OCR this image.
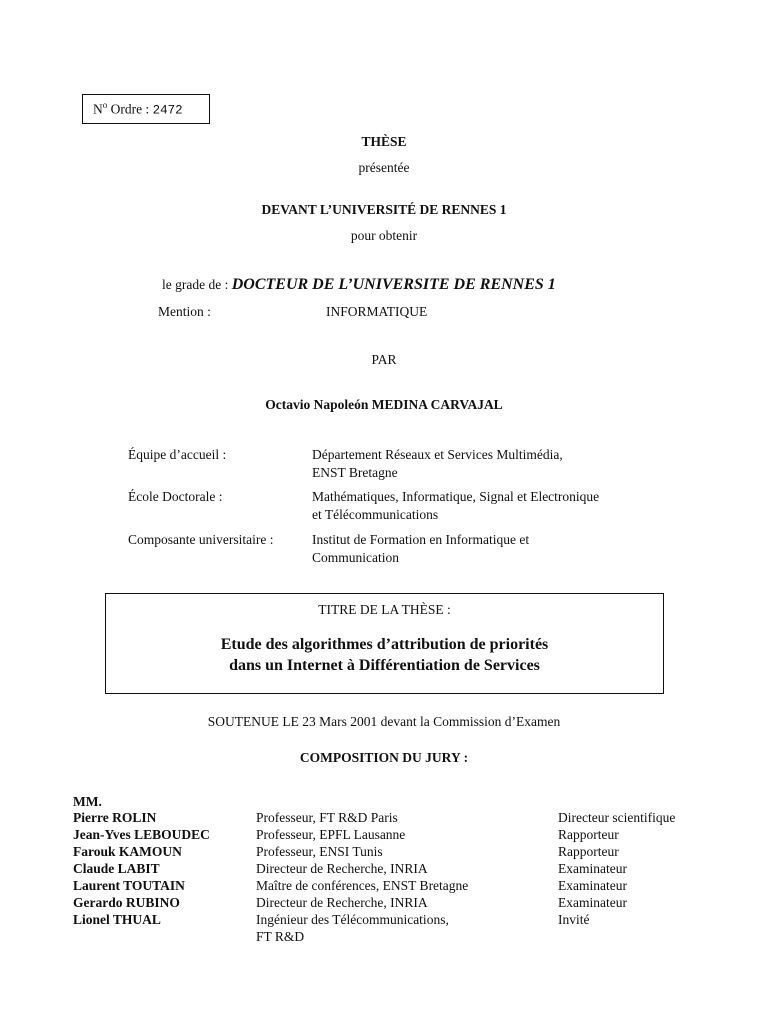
$N^o$ Ordre : 2472
THÈSE
présentée
DEVANT L’UNIVERSITÉ DE RENNES 1
pour obtenir
le grade de : DOCTEUR DE L’UNIVERSITE DE RENNES 1
Mention :	INFORMATIQUE
PAR
Octavio Napoleón MEDINA CARVAJAL
Équipe d’accueil :	Département Réseaux et Services Multimédia,
ENST Bretagne
École Doctorale :	Mathématiques, Informatique, Signal et Electronique
et Télécommunications
Composante universitaire :	Institut de Formation en Informatique et
Communication
TITRE DE LA THÈSE :
Etude des algorithmes d’attribution de priorités
dans un Internet à Différentiation de Services
SOUTENUE LE 23 Mars 2001 devant la Commission d’Examen
COMPOSITION DU JURY :
MM.
Pierre ROLIN	Professeur, FT R&D Paris	Directeur scientifique
Jean-Yves LEBOUDEC	Professeur, EPFL Lausanne	Rapporteur
Farouk KAMOUN	Professeur, ENSI Tunis	Rapporteur
Claude LABIT	Directeur de Recherche, INRIA	Examinateur
Laurent TOUTAIN	Maître de conférences, ENST Bretagne	Examinateur
Gerardo RUBINO	Directeur de Recherche, INRIA	Examinateur
Lionel THUAL	Ingénieur des Télécommunications,	Invité
FT R&D
